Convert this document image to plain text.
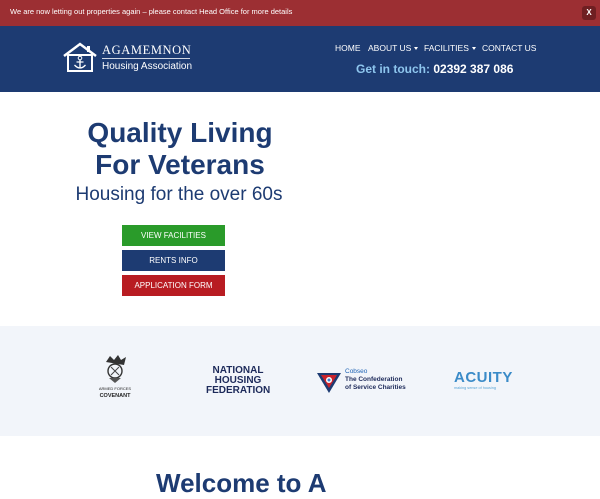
We are now letting out properties again – please contact Head Office for more details	X
AGAMEMNON
Housing Association
HOME ABOUT US	FACILITIES	CONTACT US
Get in touch: 02392 387 086
Quality Living
For Veterans
Housing for the over 60s
VIEW FACILITIES
RENTS INFO
APPLICATION FORM
ARMED FORCES
COVENANT
NATIONAL
HOUSING
FEDERATION
Cobseo
The Confederation
of Service Charities
ACUITY
making sense of housing
Welcome to A
